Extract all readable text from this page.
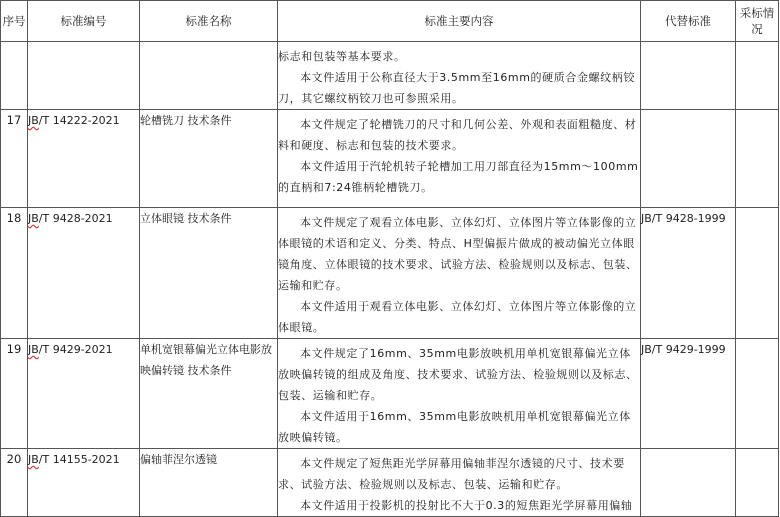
序号	标准编号	标准名称	标准主要内容	代替标准	采标情况

			标志和包装等基本要求。

本文件适用于公称直径大于3.5mm至16mm的硬质合金螺纹柄铰刀，其它螺纹柄铰刀也可参照采用。		

17	JB/T 14222-2021	轮槽铣刀 技术条件	本文件规定了轮槽铣刀的尺寸和几何公差、外观和表面粗糙度、材料和硬度、标志和包装的技术要求。

本文件适用于汽轮机转子轮槽加工用刀部直径为15mm～100mm的直柄和7:24锥柄轮槽铣刀。		

18	JB/T 9428-2021	立体眼镜 技术条件	本文件规定了观看立体电影、立体幻灯、立体图片等立体影像的立体眼镜的术语和定义、分类、特点、H型偏振片做成的被动偏光立体眼镜角度、立体眼镜的技术要求、试验方法、检验规则以及标志、包装、运输和贮存。

本文件适用于观看立体电影、立体幻灯、立体图片等立体影像的立体眼镜。	JB/T 9428-1999	
19	JB/T 9429-2021	单机宽银幕偏光立体电影放映偏转镜 技术条件	本文件规定了16mm、35mm电影放映机用单机宽银幕偏光立体放映偏转镜的组成及角度、技术要求、试验方法、检验规则以及标志、包装、运输和贮存。

本文件适用于16mm、35mm电影放映机用单机宽银幕偏光立体放映偏转镜。	JB/T 9429-1999	
20	JB/T 14155-2021	偏轴菲涅尔透镜	本文件规定了短焦距光学屏幕用偏轴菲涅尔透镜的尺寸、技术要求、试验方法、检验规则以及标志、包装、运输和贮存。

本文件适用于投影机的投射比不大于0.3的短焦距光学屏幕用偏轴		
